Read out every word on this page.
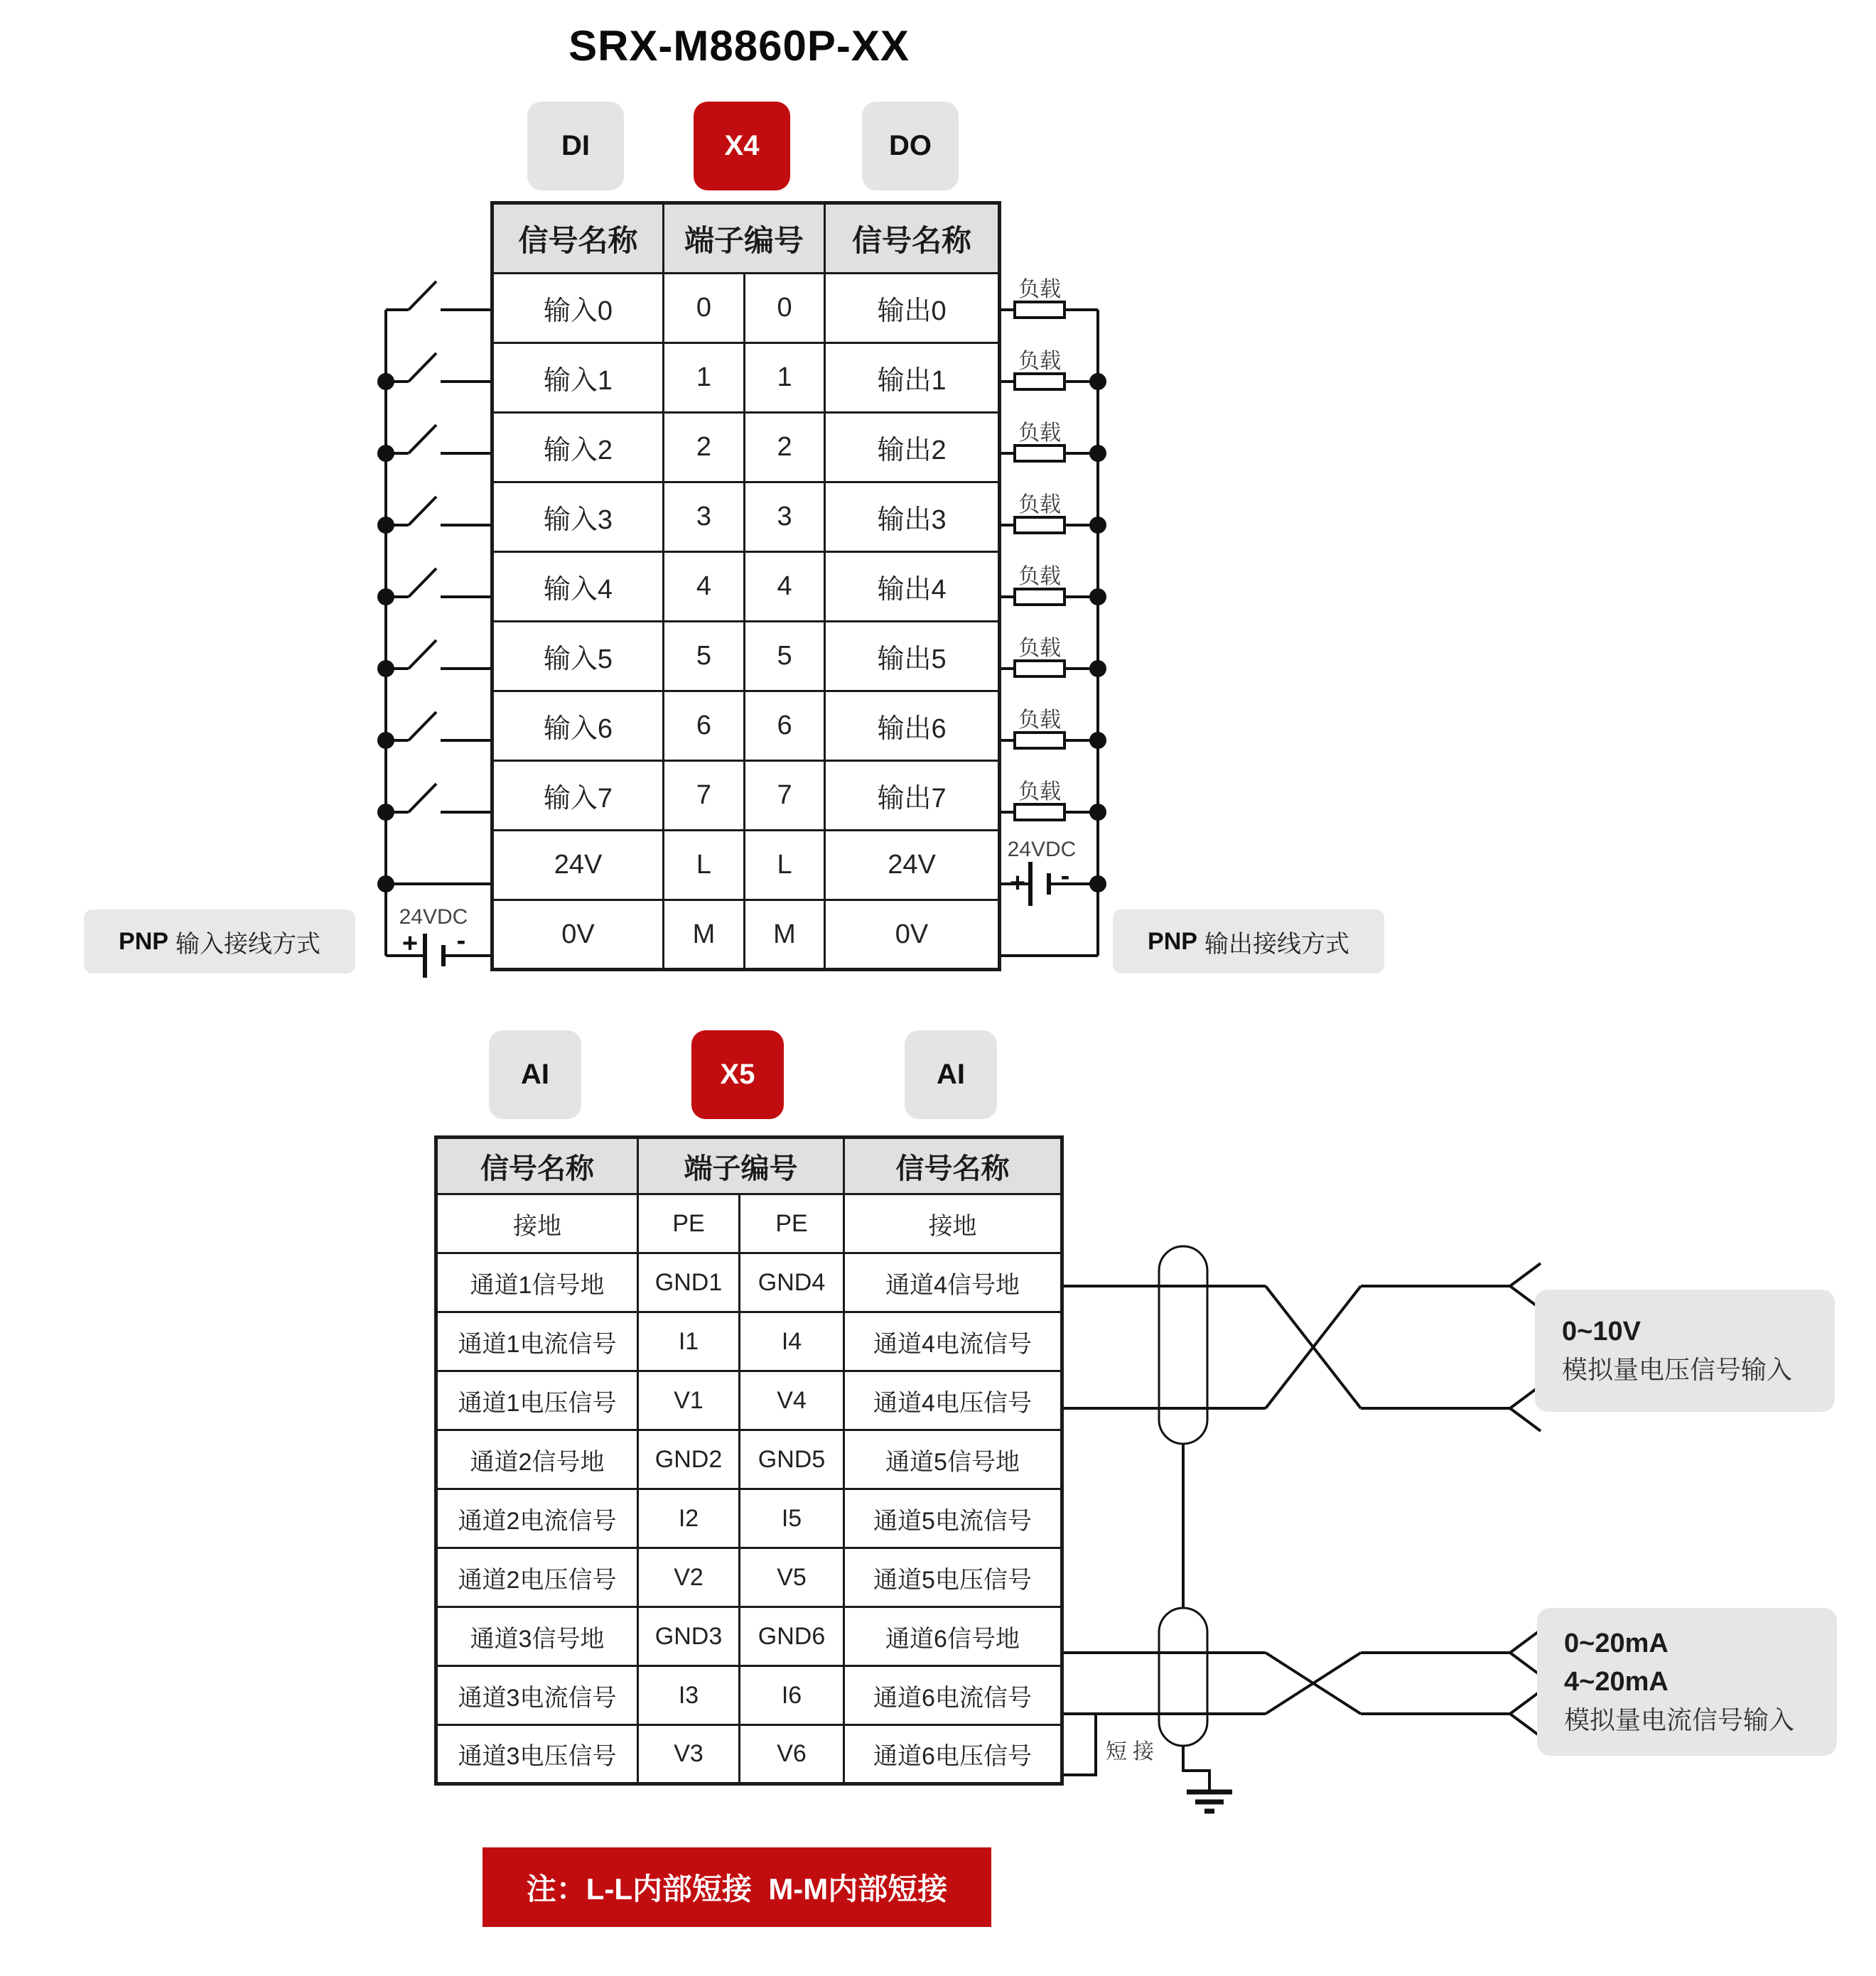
24VDC
+ -
24VDC
+ -
SRX-M8860P-XX
DI	X4	DO
信号名称	端子编号		信号名称
输入0	0	0	输出0
输入1	1	1	输出1
输入2	2	2	输出2
输入3	3	3	输出3
输入4	4	4	输出4
输入5	5	5	输出5
输入6	6	6	输出6
输入7	7	7	输出7
24V	L	L	24V
0V	M	M	0V
PNP 输入接线方式	PNP 输出接线方式
AI	X5	AI
信号名称	端子编号		信号名称
接地	PE	PE	接地
通道1信号地	GND1	GND4	通道4信号地
通道1电流信号	I1	I4	通道4电流信号
通道1电压信号	V1	V4	通道4电压信号
通道2信号地	GND2	GND5	通道5信号地
通道2电流信号	I2	I5	通道5电流信号
通道2电压信号	V2	V5	通道5电压信号
通道3信号地	GND3	GND6	通道6信号地
通道3电流信号	I3	I6	通道6电流信号
通道3电压信号	V3	V6	通道6电压信号	短接
0~10V
模拟量电压信号输入
0~20mA
4~20mA
模拟量电流信号输入
注：L-L内部短接  M-M内部短接
负载
负载
负载
负载
负载
负载
负载
负载
